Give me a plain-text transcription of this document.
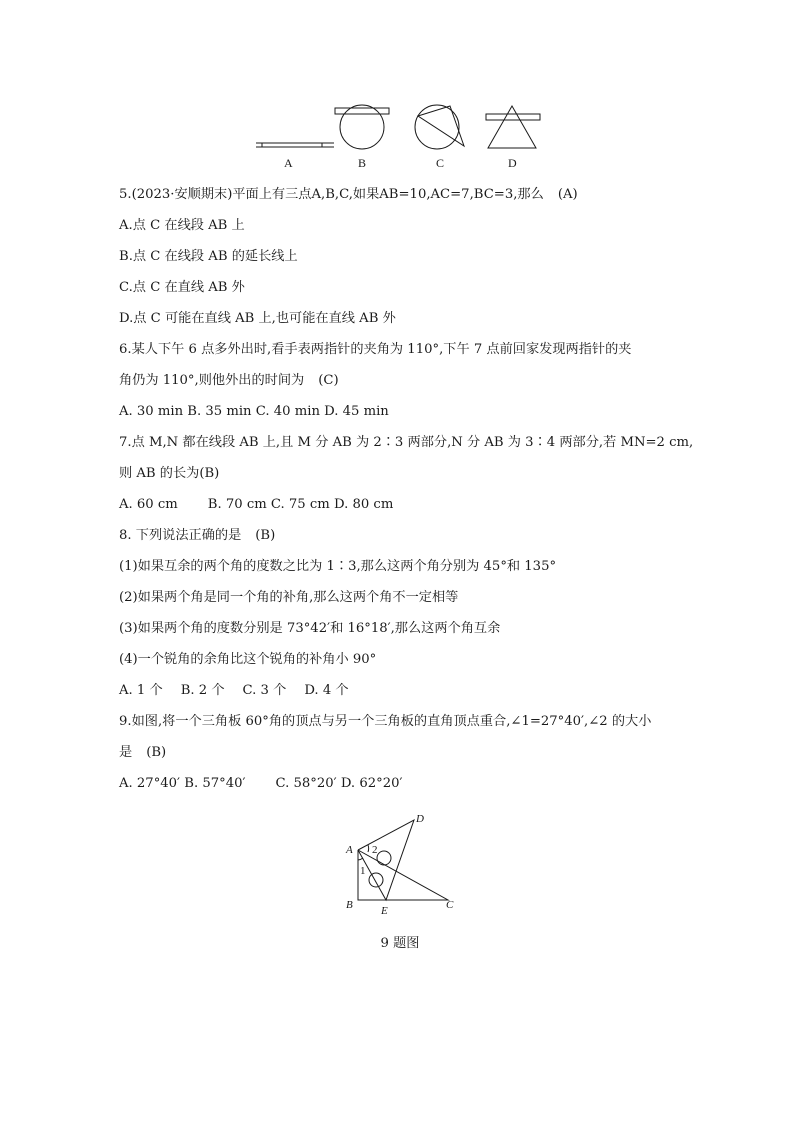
A	B	C	D
5.(2023·安顺期末)平面上有三点A,B,C,如果AB=10,AC=7,BC=3,那么 (A)
A.点 C 在线段 AB 上
B.点 C 在线段 AB 的延长线上
C.点 C 在直线 AB 外
D.点 C 可能在直线 AB 上,也可能在直线 AB 外
6.某人下午 6 点多外出时,看手表两指针的夹角为 110°,下午 7 点前回家发现两指针的夹
角仍为 110°,则他外出的时间为 (C)
A. 30 min B. 35 min C. 40 min D. 45 min
7.点 M,N 都在线段 AB 上,且 M 分 AB 为 2∶3 两部分,N 分 AB 为 3∶4 两部分,若 MN=2 cm,
则 AB 的长为(B)
A. 60 cm B. 70 cm C. 75 cm D. 80 cm
8. 下列说法正确的是 (B)
(1)如果互余的两个角的度数之比为 1∶3,那么这两个角分别为 45°和 135°
(2)如果两个角是同一个角的补角,那么这两个角不一定相等
(3)如果两个角的度数分别是 73°42′和 16°18′,那么这两个角互余
(4)一个锐角的余角比这个锐角的补角小 90°
A. 1 个 B. 2 个 C. 3 个 D. 4 个
9.如图,将一个三角板 60°角的顶点与另一个三角板的直角顶点重合,∠1=27°40′,∠2 的大小
是 (B)
A. 27°40′ B. 57°40′ C. 58°20′ D. 62°20′
A
B	C
D
E
1
2
9 题图
